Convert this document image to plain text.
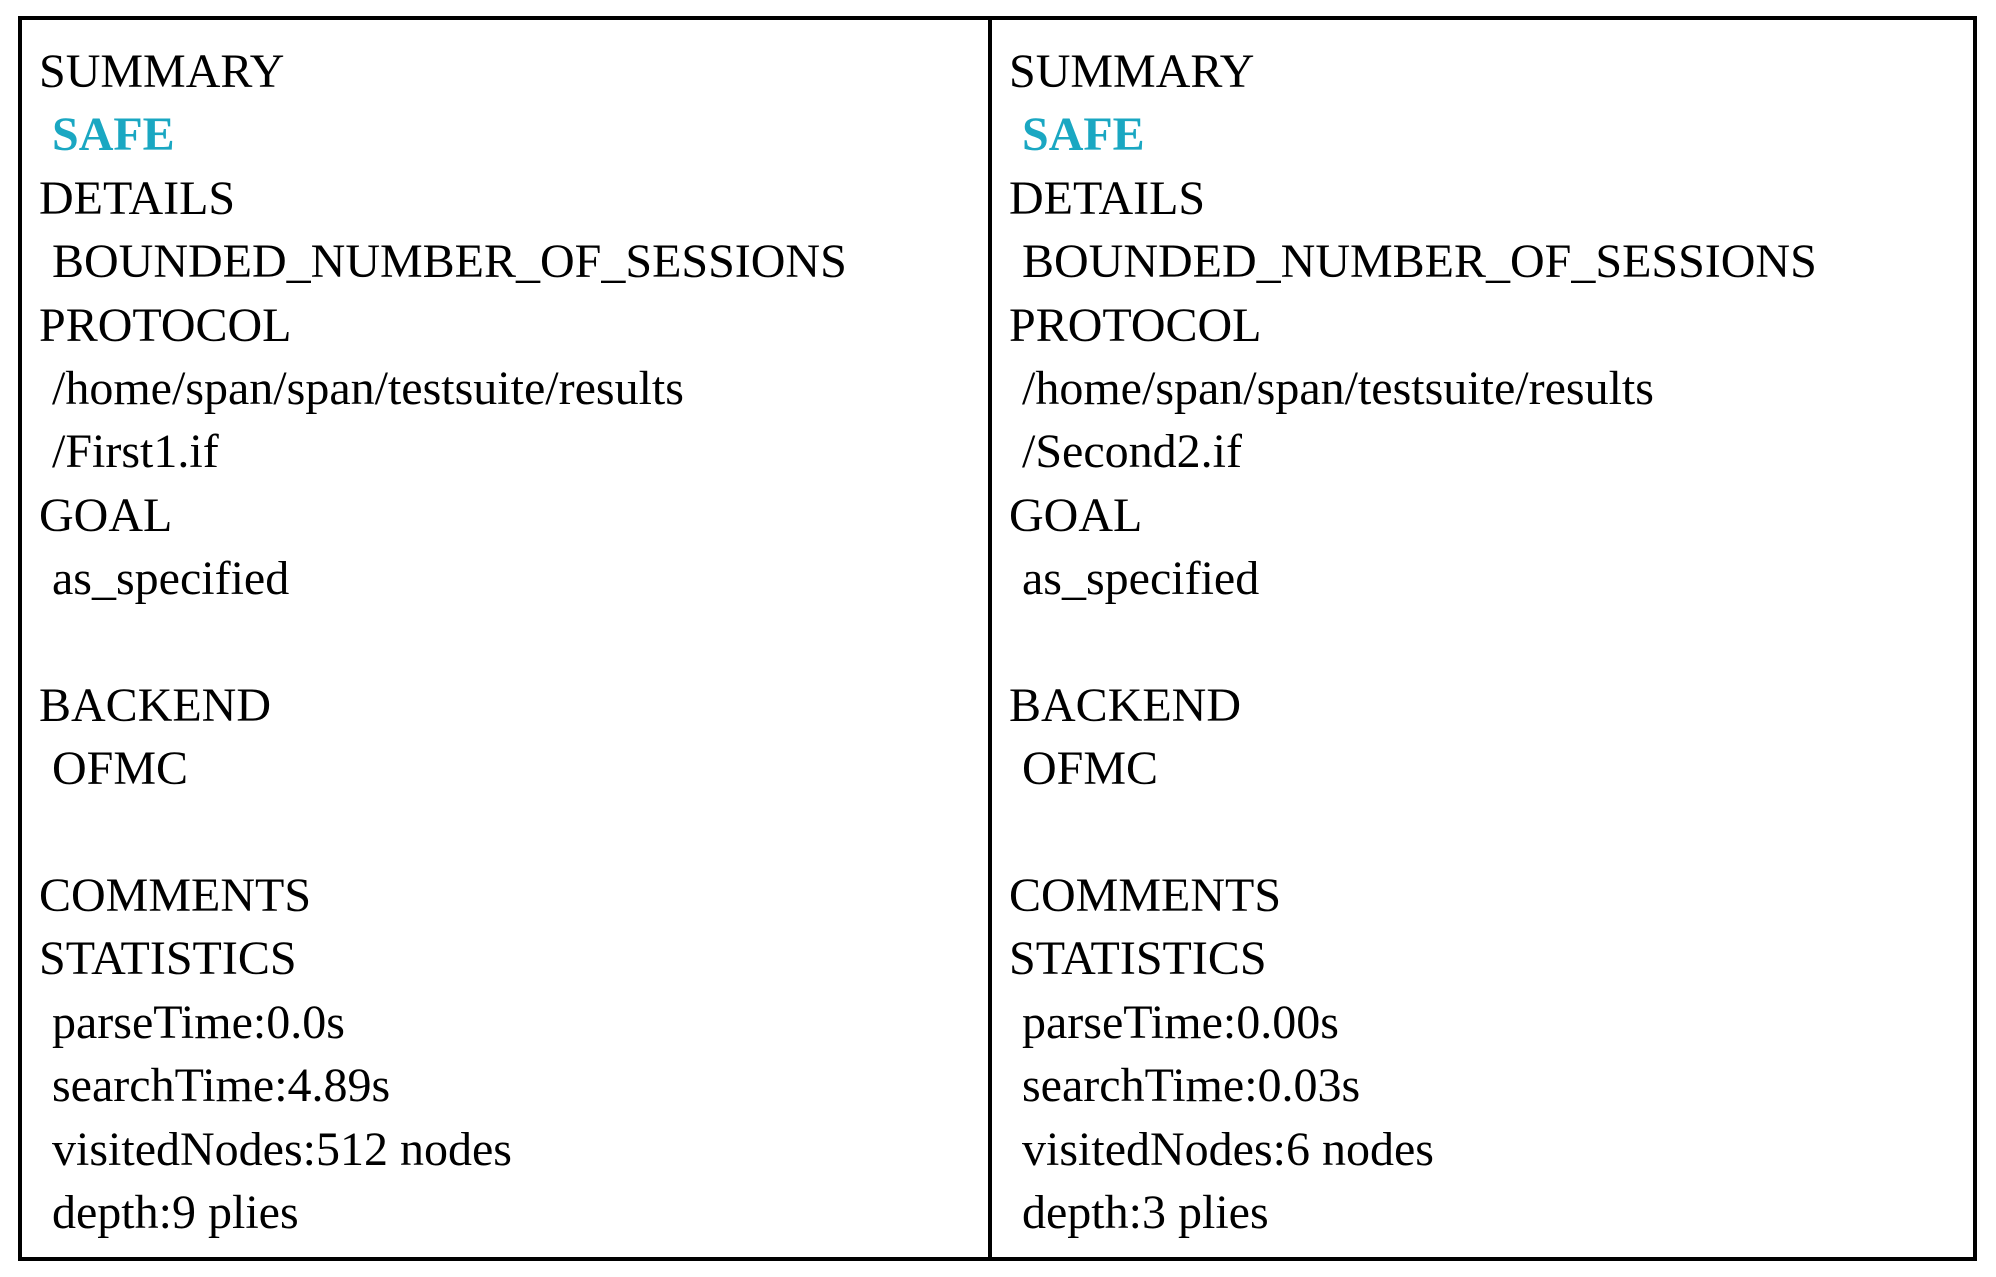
SUMMARY
SAFE
DETAILS
BOUNDED_NUMBER_OF_SESSIONS
PROTOCOL
/home/span/span/testsuite/results
/First1.if
GOAL
as_specified
BACKEND
OFMC
COMMENTS
STATISTICS
parseTime:0.0s
searchTime:4.89s
visitedNodes:512 nodes
depth:9 plies
SUMMARY
SAFE
DETAILS
BOUNDED_NUMBER_OF_SESSIONS
PROTOCOL
/home/span/span/testsuite/results
/Second2.if
GOAL
as_specified
BACKEND
OFMC
COMMENTS
STATISTICS
parseTime:0.00s
searchTime:0.03s
visitedNodes:6 nodes
depth:3 plies
